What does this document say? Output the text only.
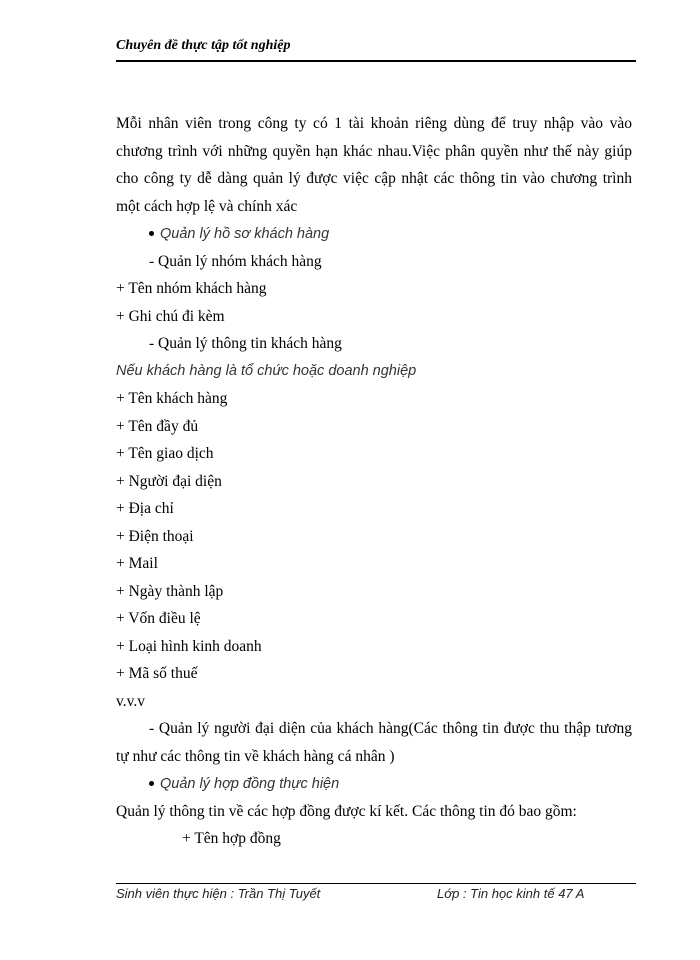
Chuyên đề thực tập tốt nghiệp

Mỗi nhân viên trong công ty có 1 tài khoản riêng dùng để truy nhập vào vào chương trình với những quyền hạn khác nhau.Việc phân quyền như thế này giúp cho công ty dễ dàng quản lý được việc cập nhật các thông tin vào chương trình một cách hợp lệ và chính xác

Quản lý hồ sơ khách hàng
- Quản lý nhóm khách hàng
+ Tên nhóm khách hàng
+ Ghi chú đi kèm
- Quản lý thông tin khách hàng
Nếu khách hàng là tổ chức hoặc doanh nghiệp
+ Tên khách hàng
+ Tên đầy đủ
+ Tên giao dịch
+ Người đại diện
+ Địa chỉ
+ Điện thoại
+ Mail
+ Ngày thành lập
+ Vốn điều lệ
+ Loại hình kinh doanh
+ Mã số thuế
v.v.v

- Quản lý người đại diện của khách hàng(Các thông tin được thu thập tương tự như các thông tin về khách hàng cá nhân )

Quản lý hợp đồng thực hiện
Quản lý thông tin về các hợp đồng được kí kết. Các thông tin đó bao gồm:
+ Tên hợp đồng
Sinh viên thực hiện : Trần Thị Tuyết	Lớp : Tin học kinh tế 47 A
